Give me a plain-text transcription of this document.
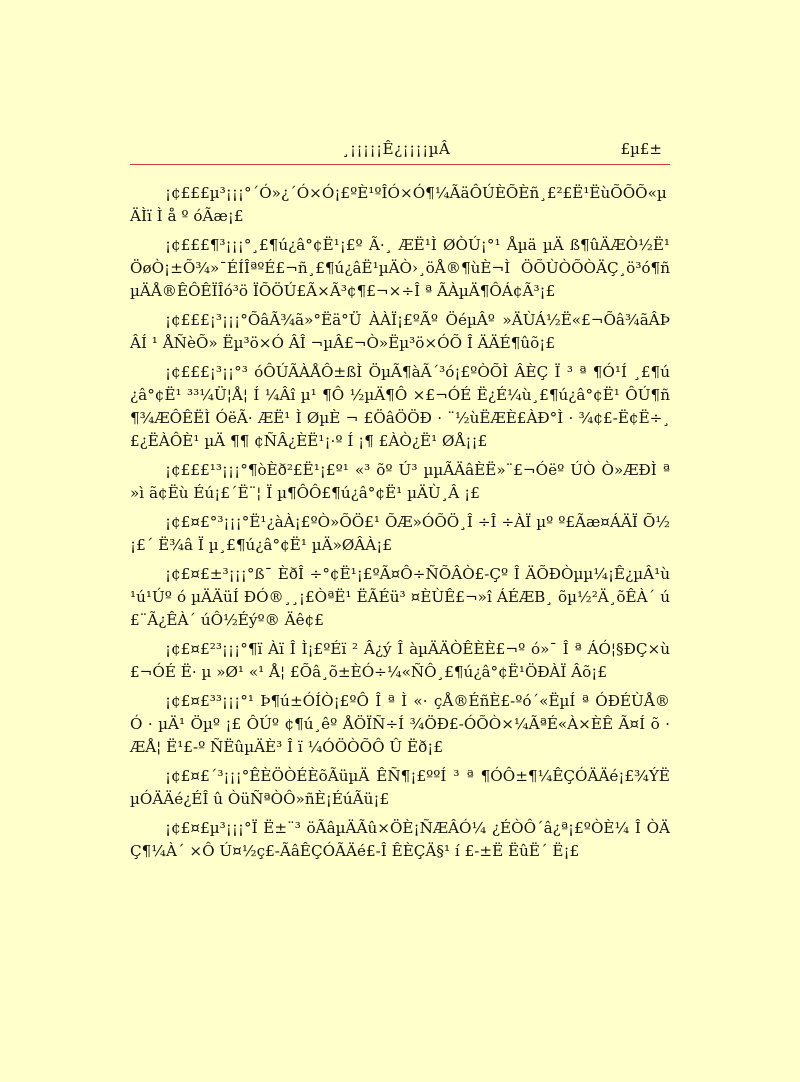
¸¡¡¡¡¡Ê¿¡¡¡¡µÂ	£µ£±

¡¢£££µ³¡¡¡°´Ó»¿´Ó×Ó¡£ºÈ¹ºÎÓ×Ó¶¼ÃäÔÚÈÕÈñ¸£²£Ë¹ËùÕÕÕ«µÄÌï Ì å º óÃæ¡£

¡¢£££¶³¡¡¡°¸£¶ú¿â°¢Ë¹¡£º Ã·¸ ÆË¹Ì ØÒÚ¡°¹ Åµä µÄ ß¶ûÄÆÒ½Ë¹ÖøÒ¡±Õ¾»¯ÉÍÎªºÉ£¬ñ¸£¶ú¿âË¹µÄÒ›¸öÅ®¶ùÈ¬Ì ÖÕÙÒÕÒÄÇ¸ö³ó¶ñµÄÅ®ÊÔÊÏÎó³ö ÏÕÖÚ£Ã×Ã³¢¶£¬×÷Î ª ÃÀµÄ¶ÔÁ¢Ã³¡£

¡¢£££¡³¡¡¡°ÕâÃ¾ã»°Ëä°Ü ÀÀÏ¡£ºÃº ÖéµÂº »ÄÙÁ½Ë«£¬Õâ¾ãÂÞÂÍ ¹ ÅÑèÕ» Ëµ³ö×Ó ÂÎ ¬µÂ£¬Ò»Ëµ³ö×ÓÕ Î ÄÄÉ¶ûõ¡£

¡¢£££¡³¡¡°³ óÔÚÃÀÅÔ±ßÌ ÖµÃ¶àÃ´³ó¡£ºÒÕÌ ÂÈÇ Ï ³ ª ¶Ó¹Í ¸£¶ú¿â°¢Ë¹ ³³¼Ü¦Å¦ Í ¼Âî µ¹ ¶Ô ½µÄ¶Ô ×£¬ÓÉ Ë¿É¼ù¸£¶ú¿â°¢Ë¹ ÔÚ¶ñ¶¾ÆÔÊËÌ ÓëÃ· ÆË¹ Ì ØµÈ ¬ £ÖâÖÖÐ · ¨½ùËÆÈ£ÀÐ°Ì · ¾¢£-Ë¢Ë÷¸£¿ËÀÔÈ¹ µÄ ¶¶ ¢ÑÂ¿ÈË¹¡·º Í ¡¶ £ÀÒ¿Ë¹ ØÅ¡¡£

¡¢£££¹³¡¡¡°¶òÈð²£Ë¹¡£º¹ «³ õº Ú³ µµÃÄâÈË»¨£¬Óëº ÚÒ Ò»ÆÐÌ ª »ì ã¢Ëù Éú¡£´Ë¨¦ Ï µ¶ÔÔ£¶ú¿â°¢Ë¹ µÄÙ¸Â ¡£

¡¢£¤£°³¡¡¡°Ë¹¿àÀ¡£ºÒ»ÕÖ£¹ ÕÆ»ÓÕÖ¸Î ÷Î ÷ÀÏ µº º£Ãæ¤ÁÄÏ Õ½¡£´ Ë¾â Ï µ¸£¶ú¿â°¢Ë¹ µÄ»ØÂÀ¡£

¡¢£¤£±³¡¡¡°ß¯ ÈðÎ ÷°¢Ë¹¡£ºÃ¤Ô÷ÑÕÂÒ£-Çº Î ÄÕÐÒµµ¼¡Ê¿µÂ¹ù¹ú¹Úº ó µÄÄüÍ ÐÓ®¸¸¡£ÒªË¹ ËÃÉü³ ¤ÈÙÊ£¬»î ÁÉÆB¸ õµ½²Ä¸õÊÀ´ ú £¨Ã¿ÊÀ´ úÔ½Éýº® Äê¢£

¡¢£¤£²³¡¡¡°¶ï Àï Î Ì¡£ºÉï ² Â¿ý Î àµÄÄÒÊÈÈ£¬º ó»¯ Î ª ÁÓ¦§ÐÇ×ù£¬ÓÉ Ë· µ »Ø¹ «¹ Å¦ £Õâ¸õ±ÈÓ÷¼«ÑÔ¸£¶ú¿â°¢Ë¹ÖÐÀÏ Âõ¡£

¡¢£¤£³³¡¡¡°¹ Þ¶ú±ÓÍÒ¡£ºÔ Î ª Ì «· çÅ®ÉñÈ£-ºó´«ËµÍ ª ÓÐÉÙÅ®Ó · µÄ¹ Öµº ¡£ ÔÚº ¢¶ú¸êº ÅÖÏÑ÷Í ¾ÖÐ£-ÓÕÒ×¼ÃªÉ«À×ÈÊ Ã¤Í õ · ÆÅ¦ Ë¹£-º ÑËûµÄÈ³ Î ï ¼ÓÖÒÕÔ Û Ëð¡£

¡¢£¤£´³¡¡¡°ÊÈÖÒÉÈõÃüµÄ ÊÑ¶¡£ººÍ ³ ª ¶ÓÔ±¶¼ÊÇÓÄÄé¡£¾ÝËµÓÄÄé¿ÉÎ û ÒüÑªÒÔ»ñÈ¡ÉúÃü¡£

¡¢£¤£µ³¡¡¡°Ï Ë±¨³ öÃâµÄÃû×ÖÈ¡ÑÆÂÓ¼ ¿ÉÒÔ´â¿ª¡£ºÒÈ¼ Î ÒÄÇ¶¼À´ ×Ô Ú¤½ç£-ÃâÊÇÓÃÄé£-Î ÊÈÇÄ§¹ í £-±Ë ËûË´ Ë¡£
